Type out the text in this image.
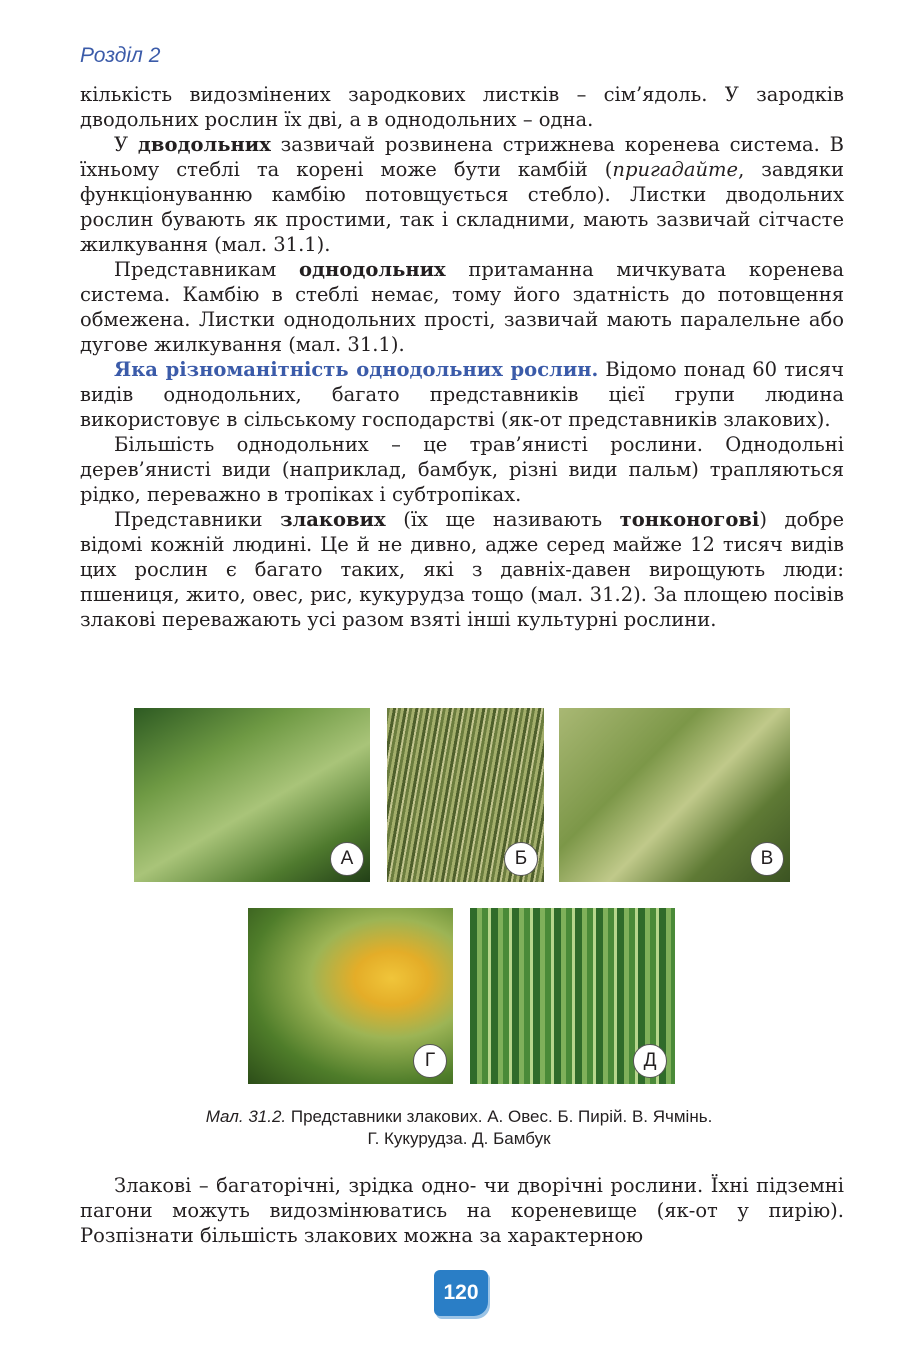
Розділ 2

кількість видозмінених зародкових листків – сім’ядоль. У зародків дводольних рослин їх дві, а в однодольних – одна.

У дводольних зазвичай розвинена стрижнева коренева система. В їхньому стеблі та корені може бути камбій (пригадайте, завдяки функціонуванню камбію потовщується стебло). Листки дводольних рослин бувають як простими, так і складними, мають зазвичай сітчасте жилкування (мал. 31.1).

Представникам однодольних притаманна мичкувата коренева система. Камбію в стеблі немає, тому його здатність до потовщення обмежена. Листки однодольних прості, зазвичай мають паралельне або дугове жилкування (мал. 31.1).

Яка різноманітність однодольних рослин. Відомо понад 60 тисяч видів однодольних, багато представників цієї групи людина використовує в сільському господарстві (як-от представників злакових).

Більшість однодольних – це трав’янисті рослини. Однодольні дерев’янисті види (наприклад, бамбук, різні види пальм) трапляються рідко, переважно в тропіках і субтропіках.

Представники злакових (їх ще називають тонконогові) добре відомі кожній людині. Це й не дивно, адже серед майже 12 тисяч видів цих рослин є багато таких, які з давніх-давен вирощують люди: пшениця, жито, овес, рис, кукурудза тощо (мал. 31.2). За площею посівів злакові переважають усі разом взяті інші культурні рослини.

А	Б	В
Г	Д
Мал. 31.2. Представники злакових. А. Овес. Б. Пирій. В. Ячмінь.
Г. Кукурудза. Д. Бамбук

Злакові – багаторічні, зрідка одно- чи дворічні рослини. Їхні підземні пагони можуть видозмінюватись на кореневище (як-от у пирію). Розпізнати більшість злакових можна за характерною

120
